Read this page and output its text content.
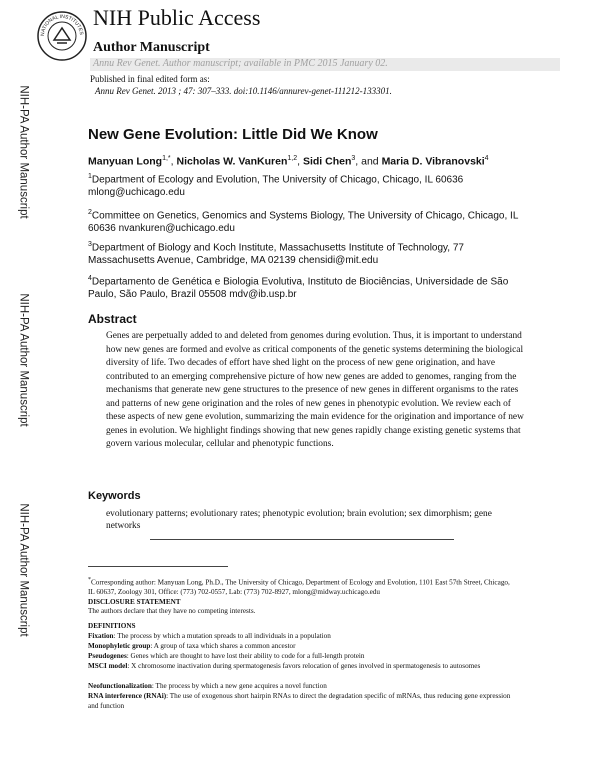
NATIONAL INSTITUTES
NIH Public Access
Author Manuscript
Annu Rev Genet. Author manuscript; available in PMC 2015 January 02.
Published in final edited form as:
Annu Rev Genet. 2013 ; 47: 307–333. doi:10.1146/annurev-genet-111212-133301.
NIH-PA Author Manuscript
NIH-PA Author Manuscript
NIH-PA Author Manuscript
New Gene Evolution: Little Did We Know
Manyuan Long$^{1,*}$, Nicholas W. VanKuren$^{1,2}$, Sidi Chen$^3$, and Maria D. Vibranovski$^4$
$^1$Department of Ecology and Evolution, The University of Chicago, Chicago, IL 60636 mlong@uchicago.edu
$^2$Committee on Genetics, Genomics and Systems Biology, The University of Chicago, Chicago, IL 60636 nvankuren@uchicago.edu
$^3$Department of Biology and Koch Institute, Massachusetts Institute of Technology, 77 Massachusetts Avenue, Cambridge, MA 02139 chensidi@mit.edu
$^4$Departamento de Genética e Biologia Evolutiva, Instituto de Biociências, Universidade de São Paulo, São Paulo, Brazil 05508 mdv@ib.usp.br
Abstract
Genes are perpetually added to and deleted from genomes during evolution. Thus, it is important to understand how new genes are formed and evolve as critical components of the genetic systems determining the biological diversity of life. Two decades of effort have shed light on the process of new gene origination, and have contributed to an emerging comprehensive picture of how new genes are added to genomes, ranging from the mechanisms that generate new gene structures to the presence of new genes in different organisms to the rates and patterns of new gene origination and the roles of new genes in phenotypic evolution. We review each of these aspects of new gene evolution, summarizing the main evidence for the origination and importance of new genes in evolution. We highlight findings showing that new genes rapidly change existing genetic systems that govern various molecular, cellular and phenotypic functions.
Keywords
evolutionary patterns; evolutionary rates; phenotypic evolution; brain evolution; sex dimorphism; gene networks
*Corresponding author: Manyuan Long, Ph.D., The University of Chicago, Department of Ecology and Evolution, 1101 East 57th Street, Chicago, IL 60637, Zoology 301, Office: (773) 702-0557, Lab: (773) 702-8927, mlong@midway.uchicago.edu
DISCLOSURE STATEMENT
The authors declare that they have no competing interests.
DEFINITIONS
Fixation: The process by which a mutation spreads to all individuals in a population
Monophyletic group: A group of taxa which shares a common ancestor
Pseudogenes: Genes which are thought to have lost their ability to code for a full-length protein
MSCI model: X chromosome inactivation during spermatogenesis favors relocation of genes involved in spermatogenesis to autosomes
Neofunctionalization: The process by which a new gene acquires a novel function
RNA interference (RNAi): The use of exogenous short hairpin RNAs to direct the degradation specific of mRNAs, thus reducing gene expression and function
